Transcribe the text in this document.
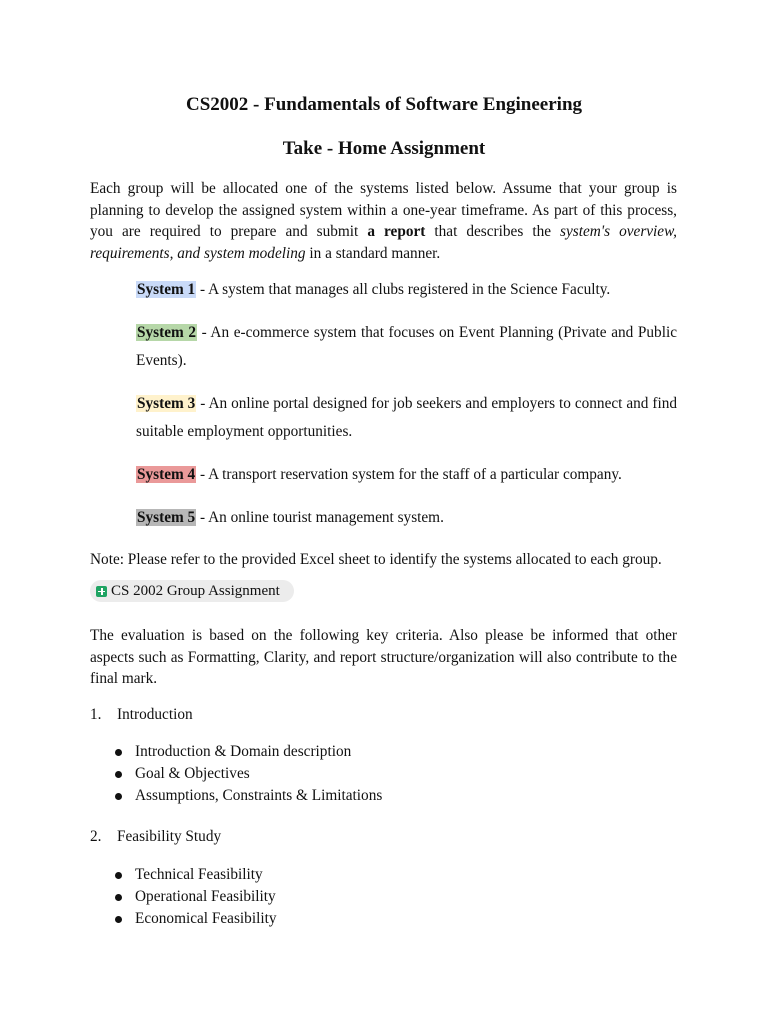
CS2002 - Fundamentals of Software Engineering
Take - Home Assignment
Each group will be allocated one of the systems listed below. Assume that your group is planning to develop the assigned system within a one-year timeframe. As part of this process, you are required to prepare and submit a report that describes the system's overview, requirements, and system modeling in a standard manner.
System 1 - A system that manages all clubs registered in the Science Faculty.
System 2 - An e-commerce system that focuses on Event Planning (Private and Public Events).
System 3 - An online portal designed for job seekers and employers to connect and find suitable employment opportunities.
System 4 - A transport reservation system for the staff of a particular company.
System 5 - An online tourist management system.
Note: Please refer to the provided Excel sheet to identify the systems allocated to each group.
CS 2002 Group Assignment
The evaluation is based on the following key criteria. Also please be informed that other aspects such as Formatting, Clarity, and report structure/organization will also contribute to the final mark.
1. Introduction
Introduction & Domain description
Goal & Objectives
Assumptions, Constraints & Limitations
2. Feasibility Study
Technical Feasibility
Operational Feasibility
Economical Feasibility
